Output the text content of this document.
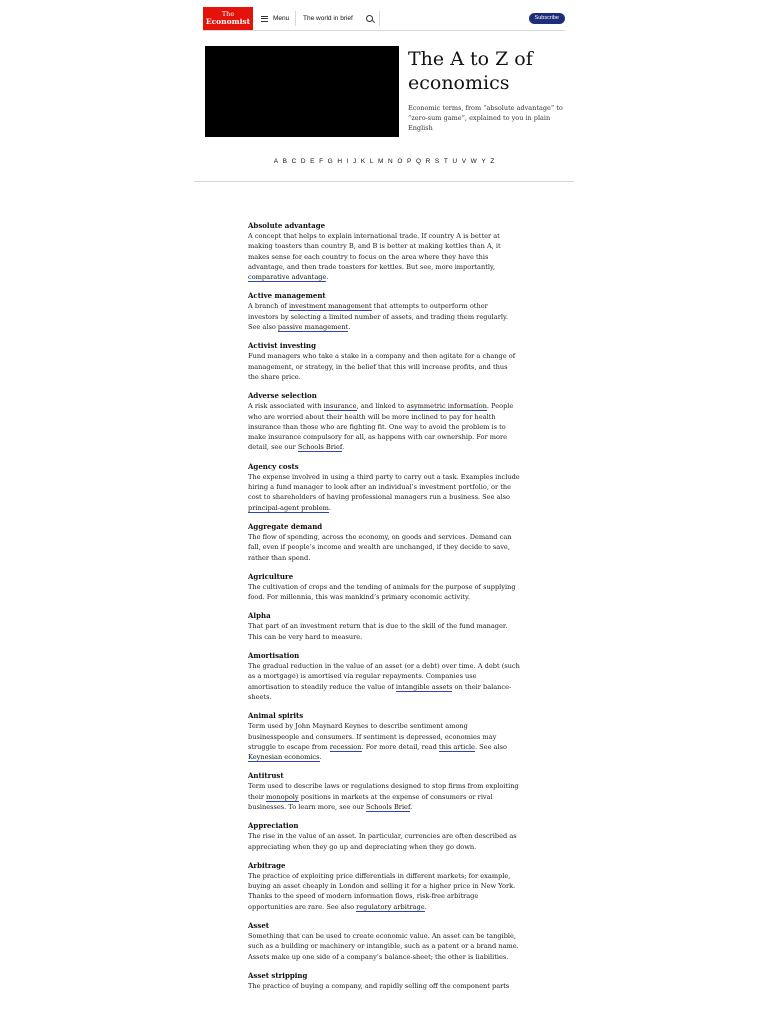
The
Economist	Menu The world in brief	Subscribe
The A to Z of economics

Economic terms, from “absolute advantage” to “zero-sum game”, explained to you in plain English

A B C D E F G H I J K L M N O P Q R S T U V W Y Z
Absolute advantage

A concept that helps to explain international trade. If country A is better at making toasters than country B, and B is better at making kettles than A, it makes sense for each country to focus on the area where they have this advantage, and then trade toasters for kettles. But see, more importantly, comparative advantage.

Active management

A branch of investment management that attempts to outperform other investors by selecting a limited number of assets, and trading them regularly. See also passive management.

Activist investing

Fund managers who take a stake in a company and then agitate for a change of management, or strategy, in the belief that this will increase profits, and thus the share price.

Adverse selection

A risk associated with insurance, and linked to asymmetric information. People who are worried about their health will be more inclined to pay for health insurance than those who are fighting fit. One way to avoid the problem is to make insurance compulsory for all, as happens with car ownership. For more detail, see our Schools Brief.

Agency costs

The expense involved in using a third party to carry out a task. Examples include hiring a fund manager to look after an individual’s investment portfolio, or the cost to shareholders of having professional managers run a business. See also principal-agent problem.

Aggregate demand

The flow of spending, across the economy, on goods and services. Demand can fall, even if people’s income and wealth are unchanged, if they decide to save, rather than spend.

Agriculture

The cultivation of crops and the tending of animals for the purpose of supplying food. For millennia, this was mankind’s primary economic activity.

Alpha

That part of an investment return that is due to the skill of the fund manager. This can be very hard to measure.

Amortisation

The gradual reduction in the value of an asset (or a debt) over time. A debt (such as a mortgage) is amortised via regular repayments. Companies use amortisation to steadily reduce the value of intangible assets on their balance-sheets.

Animal spirits

Term used by John Maynard Keynes to describe sentiment among businesspeople and consumers. If sentiment is depressed, economies may struggle to escape from recession. For more detail, read this article. See also Keynesian economics.

Antitrust

Term used to describe laws or regulations designed to stop firms from exploiting their monopoly positions in markets at the expense of consumers or rival businesses. To learn more, see our Schools Brief.

Appreciation

The rise in the value of an asset. In particular, currencies are often described as appreciating when they go up and depreciating when they go down.

Arbitrage

The practice of exploiting price differentials in different markets; for example, buying an asset cheaply in London and selling it for a higher price in New York. Thanks to the speed of modern information flows, risk-free arbitrage opportunities are rare. See also regulatory arbitrage.

Asset

Something that can be used to create economic value. An asset can be tangible, such as a building or machinery or intangible, such as a patent or a brand name. Assets make up one side of a company’s balance-sheet; the other is liabilities.

Asset stripping

The practice of buying a company, and rapidly selling off the component parts
